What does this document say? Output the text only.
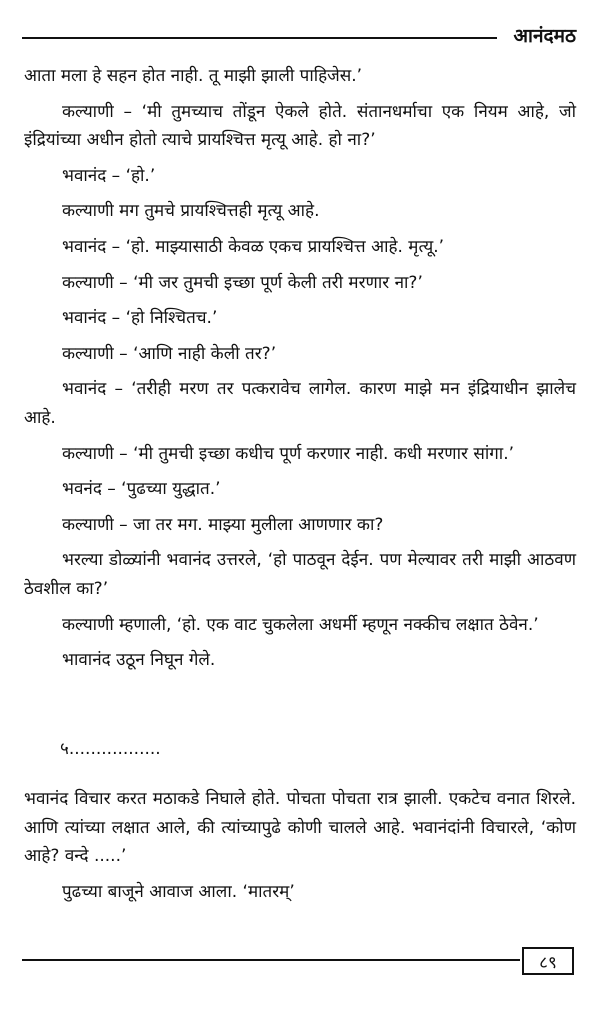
आनंदमठ

आता मला हे सहन होत नाही. तू माझी झाली पाहिजेस.’

कल्याणी – ‘मी तुमच्याच तोंडून ऐकले होते. संतानधर्माचा एक नियम आहे, जो इंद्रियांच्या अधीन होतो त्याचे प्रायश्चित्त मृत्यू आहे. हो ना?’

भवानंद – ‘हो.’

कल्याणी मग तुमचे प्रायश्चित्तही मृत्यू आहे.

भवानंद – ‘हो. माझ्यासाठी केवळ एकच प्रायश्चित्त आहे. मृत्यू.’

कल्याणी – ‘मी जर तुमची इच्छा पूर्ण केली तरी मरणार ना?’

भवानंद – ‘हो निश्चितच.’

कल्याणी – ‘आणि नाही केली तर?’

भवानंद – ‘तरीही मरण तर पत्करावेच लागेल. कारण माझे मन इंद्रियाधीन झालेच आहे.

कल्याणी – ‘मी तुमची इच्छा कधीच पूर्ण करणार नाही. कधी मरणार सांगा.’

भवनंद – ‘पुढच्या युद्धात.’

कल्याणी – जा तर मग. माझ्या मुलीला आणणार का?

भरल्या डोळ्यांनी भवानंद उत्तरले, ‘हो पाठवून देईन. पण मेल्यावर तरी माझी आठवण ठेवशील का?’

कल्याणी म्हणाली, ‘हो. एक वाट चुकलेला अधर्मी म्हणून नक्कीच लक्षात ठेवेन.’

भावानंद उठून निघून गेले.

५.................

भवानंद विचार करत मठाकडे निघाले होते. पोचता पोचता रात्र झाली. एकटेच वनात शिरले. आणि त्यांच्या लक्षात आले, की त्यांच्यापुढे कोणी चालले आहे. भवानंदांनी विचारले, ‘कोण आहे? वन्दे .....’

पुढच्या बाजूने आवाज आला. ‘मातरम्’

८९
